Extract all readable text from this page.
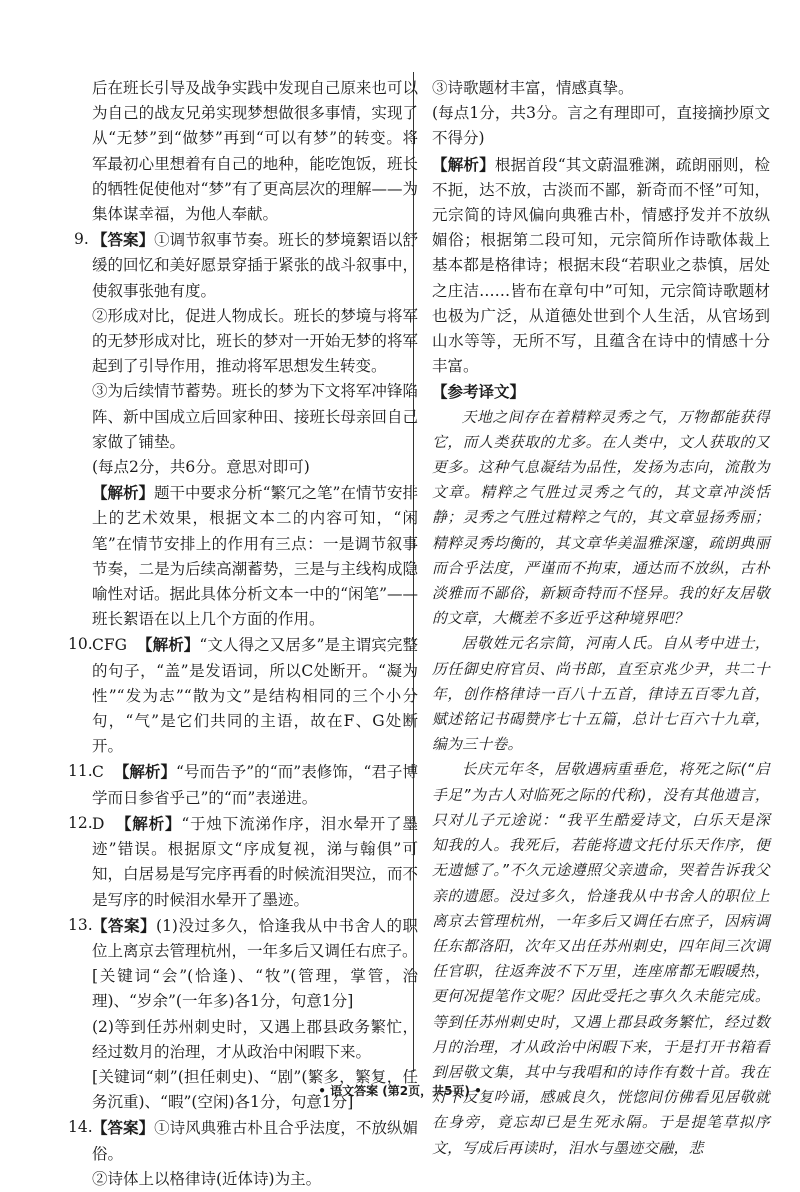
后在班长引导及战争实践中发现自己原来也可以为自己的战友兄弟实现梦想做很多事情，实现了从“无梦”到“做梦”再到“可以有梦”的转变。将军最初心里想着有自己的地种，能吃饱饭，班长的牺牲促使他对“梦”有了更高层次的理解——为集体谋幸福，为他人奉献。

9. 【答案】①调节叙事节奏。班长的梦境絮语以舒缓的回忆和美好愿景穿插于紧张的战斗叙事中，使叙事张弛有度。

②形成对比，促进人物成长。班长的梦境与将军的无梦形成对比，班长的梦对一开始无梦的将军起到了引导作用，推动将军思想发生转变。

③为后续情节蓄势。班长的梦为下文将军冲锋陷阵、新中国成立后回家种田、接班长母亲回自己家做了铺垫。

(每点2分，共6分。意思对即可)

【解析】题干中要求分析“繁冗之笔”在情节安排上的艺术效果，根据文本二的内容可知，“闲笔”在情节安排上的作用有三点：一是调节叙事节奏，二是为后续高潮蓄势，三是与主线构成隐喻性对话。据此具体分析文本一中的“闲笔”——班长絮语在以上几个方面的作用。

10. CFG 【解析】“文人得之又居多”是主谓宾完整的句子，“盖”是发语词，所以C处断开。“凝为性”“发为志”“散为文”是结构相同的三个小分句，“气”是它们共同的主语，故在F、G处断开。

11. C 【解析】“号而告予”的“而”表修饰，“君子博学而日参省乎己”的“而”表递进。

12. D 【解析】“于烛下流涕作序，泪水晕开了墨迹”错误。根据原文“序成复视，涕与翰俱”可知，白居易是写完序再看的时候流泪哭泣，而不是写序的时候泪水晕开了墨迹。

13. 【答案】(1)没过多久，恰逢我从中书舍人的职位上离京去管理杭州，一年多后又调任右庶子。

[关键词“会”(恰逢)、“牧”(管理，掌管，治理)、“岁余”(一年多)各1分，句意1分]

(2)等到任苏州刺史时，又遇上郡县政务繁忙，经过数月的治理，才从政治中闲暇下来。

[关键词“刺”(担任刺史)、“剧”(繁多，繁复，任务沉重)、“暇”(空闲)各1分，句意1分]

14. 【答案】①诗风典雅古朴且合乎法度，不放纵媚俗。

②诗体上以格律诗(近体诗)为主。

③诗歌题材丰富，情感真挚。

(每点1分，共3分。言之有理即可，直接摘抄原文不得分)

【解析】根据首段“其文蔚温雅渊，疏朗丽则，检不扼，达不放，古淡而不鄙，新奇而不怪”可知，元宗简的诗风偏向典雅古朴，情感抒发并不放纵媚俗；根据第二段可知，元宗简所作诗歌体裁上基本都是格律诗；根据末段“若职业之恭慎，居处之庄洁……皆布在章句中”可知，元宗简诗歌题材也极为广泛，从道德处世到个人生活，从官场到山水等等，无所不写，且蕴含在诗中的情感十分丰富。

【参考译文】

天地之间存在着精粹灵秀之气，万物都能获得它，而人类获取的尤多。在人类中，文人获取的又更多。这种气息凝结为品性，发扬为志向，流散为文章。精粹之气胜过灵秀之气的，其文章冲淡恬静；灵秀之气胜过精粹之气的，其文章显扬秀丽；精粹灵秀均衡的，其文章华美温雅深邃，疏朗典丽而合乎法度，严谨而不拘束，通达而不放纵，古朴淡雅而不鄙俗，新颖奇特而不怪异。我的好友居敬的文章，大概差不多近乎这种境界吧？

居敬姓元名宗简，河南人氏。自从考中进士，历任御史府官员、尚书郎，直至京兆少尹，共二十年，创作格律诗一百八十五首，律诗五百零九首，赋述铭记书碣赞序七十五篇，总计七百六十九章，编为三十卷。

长庆元年冬，居敬遇病重垂危，将死之际(“启手足”为古人对临死之际的代称)，没有其他遗言，只对儿子元途说：“我平生酷爱诗文，白乐天是深知我的人。我死后，若能将遗文托付乐天作序，便无遗憾了。”不久元途遵照父亲遗命，哭着告诉我父亲的遗愿。没过多久，恰逢我从中书舍人的职位上离京去管理杭州，一年多后又调任右庶子，因病调任东都洛阳，次年又出任苏州刺史，四年间三次调任官职，往返奔波不下万里，连座席都无暇暖热，更何况提笔作文呢？因此受托之事久久未能完成。等到任苏州刺史时，又遇上郡县政务繁忙，经过数月的治理，才从政治中闲暇下来，于是打开书箱看到居敬文集，其中与我唱和的诗作有数十首。我在灯下反复吟诵，感戚良久，恍惚间仿佛看见居敬就在身旁，竟忘却已是生死永隔。于是提笔草拟序文，写成后再读时，泪水与墨迹交融，悲

• 语文答案 (第2页，共5页) •
